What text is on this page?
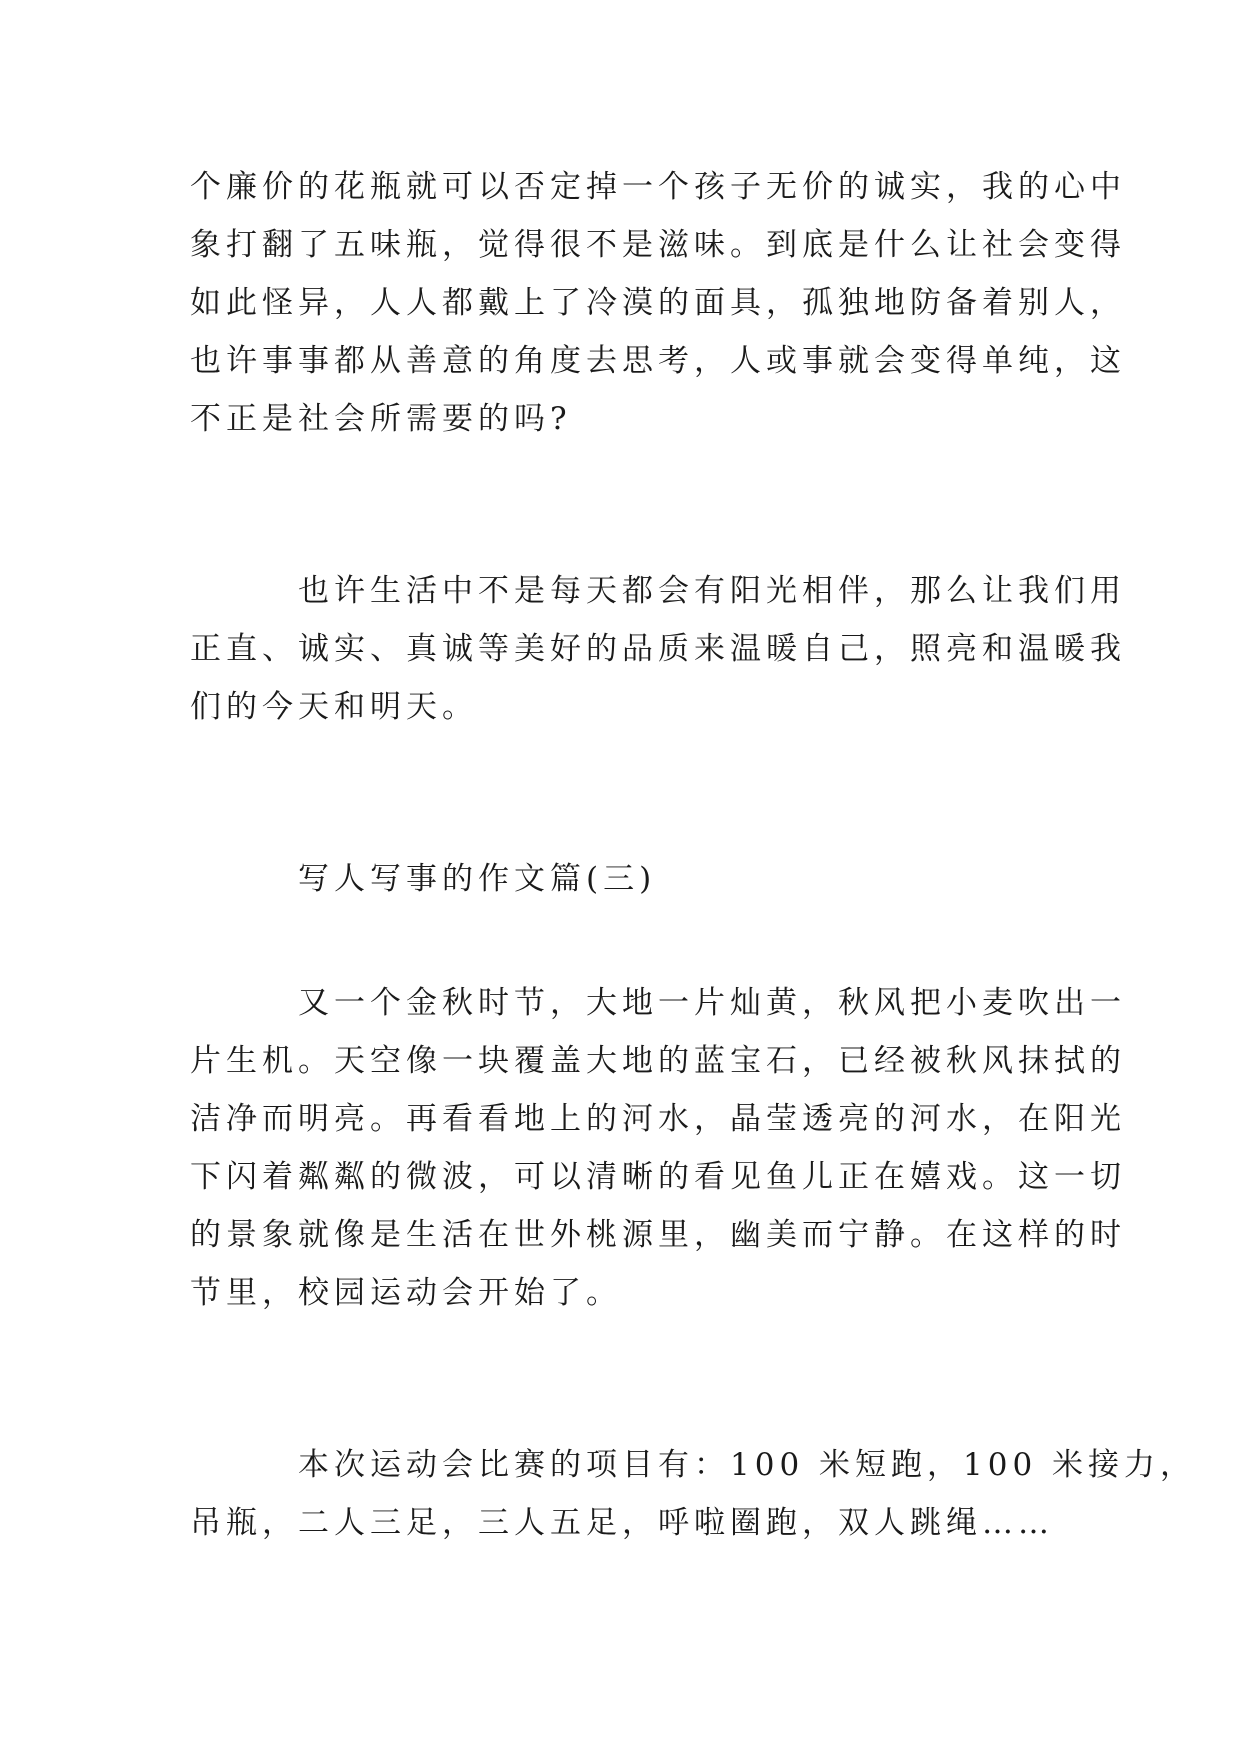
个廉价的花瓶就可以否定掉一个孩子无价的诚实，我的心中
象打翻了五味瓶，觉得很不是滋味。到底是什么让社会变得
如此怪异，人人都戴上了冷漠的面具，孤独地防备着别人，
也许事事都从善意的角度去思考，人或事就会变得单纯，这
不正是社会所需要的吗?
也许生活中不是每天都会有阳光相伴，那么让我们用
正直、诚实、真诚等美好的品质来温暖自己，照亮和温暖我
们的今天和明天。
写人写事的作文篇(三)
又一个金秋时节，大地一片灿黄，秋风把小麦吹出一
片生机。天空像一块覆盖大地的蓝宝石，已经被秋风抹拭的
洁净而明亮。再看看地上的河水，晶莹透亮的河水，在阳光
下闪着粼粼的微波，可以清晰的看见鱼儿正在嬉戏。这一切
的景象就像是生活在世外桃源里，幽美而宁静。在这样的时
节里，校园运动会开始了。
本次运动会比赛的项目有：100 米短跑，100 米接力，
吊瓶，二人三足，三人五足，呼啦圈跑，双人跳绳……
